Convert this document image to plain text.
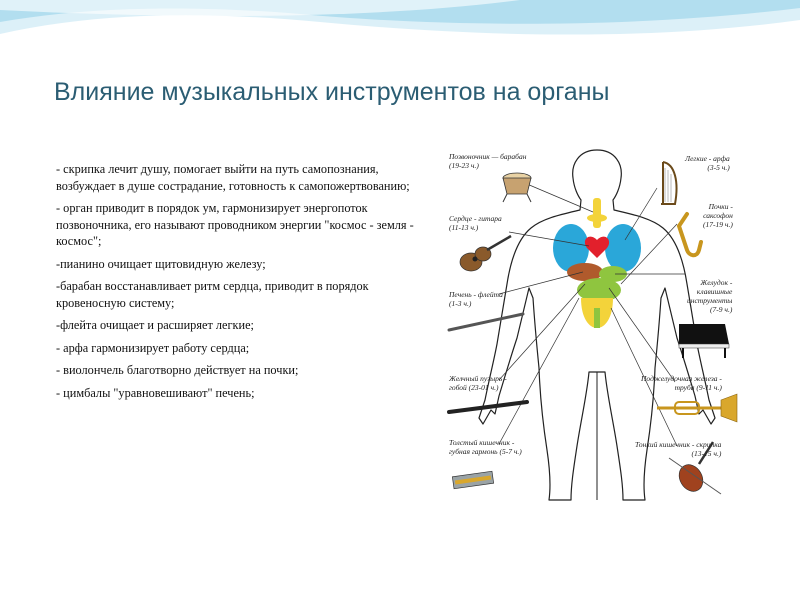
Влияние музыкальных инструментов на органы
- скрипка лечит душу, помогает выйти на путь самопознания, возбуждает в душе сострадание, готовность к самопожертвованию;
- орган приводит в порядок ум, гармонизирует энергопоток позвоночника, его называют проводником энергии "космос - земля - космос";
-пианино очищает щитовидную железу;
-барабан восстанавливает ритм сердца, приводит в порядок кровеносную систему;
-флейта очищает и расширяет легкие;
- арфа гармонизирует работу сердца;
- виолончель благотворно действует на почки;
- цимбалы "уравновешивают" печень;
Позвоночник — барабан
(19-23 ч.)
Легкие - арфа
(3-5 ч.)
Почки -
саксофон
(17-19 ч.)
Сердце - гитара
(11-13 ч.)
Желудок -
клавишные
инструменты
(7-9 ч.)
Печень - флейта
(1-3 ч.)
Поджелудочная железа -
труба (9-11 ч.)
Желчный пузырь -
гобой (23-01 ч.)
Толстый кишечник -
губная гармонь (5-7 ч.)
Тонкий кишечник - скрипка
(13-15 ч.)
